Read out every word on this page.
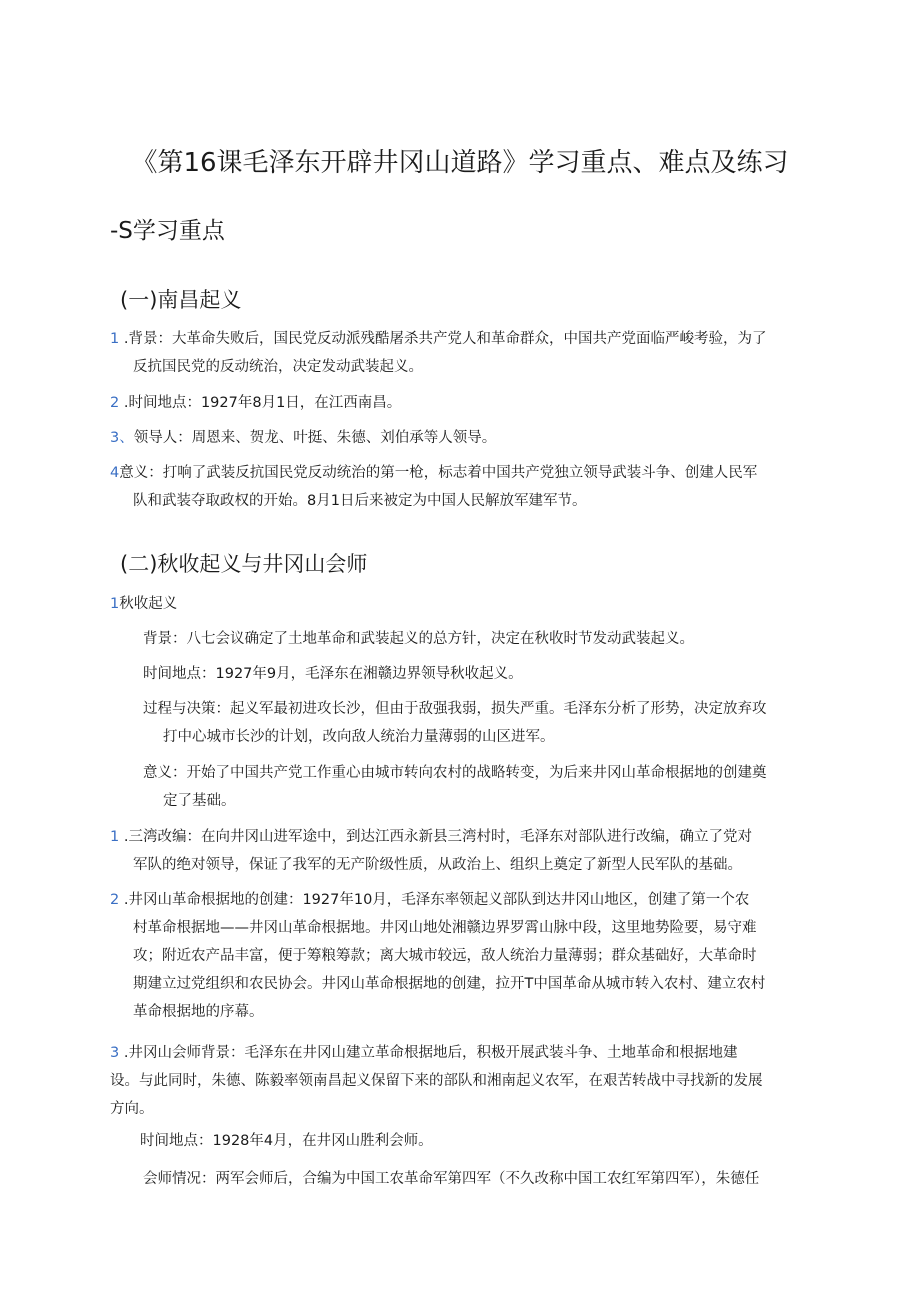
《第16课毛泽东开辟井冈山道路》学习重点、难点及练习
-S学习重点
(一)南昌起义
1 .背景：大革命失败后，国民党反动派残酷屠杀共产党人和革命群众，中国共产党面临严峻考验，为了
反抗国民党的反动统治，决定发动武装起义。
2 .时间地点：1927年8月1日，在江西南昌。
3、领导人：周恩来、贺龙、叶挺、朱德、刘伯承等人领导。
4意义：打响了武装反抗国民党反动统治的第一枪，标志着中国共产党独立领导武装斗争、创建人民军
队和武装夺取政权的开始。8月1日后来被定为中国人民解放军建军节。
(二)秋收起义与井冈山会师
1秋收起义
背景：八七会议确定了土地革命和武装起义的总方针，决定在秋收时节发动武装起义。
时间地点：1927年9月，毛泽东在湘赣边界领导秋收起义。
过程与决策：起义军最初进攻长沙，但由于敌强我弱，损失严重。毛泽东分析了形势，决定放弃攻
打中心城市长沙的计划，改向敌人统治力量薄弱的山区进军。
意义：开始了中国共产党工作重心由城市转向农村的战略转变，为后来井冈山革命根据地的创建奠
定了基础。
1 .三湾改编：在向井冈山进军途中，到达江西永新县三湾村时，毛泽东对部队进行改编，确立了党对
军队的绝对领导，保证了我军的无产阶级性质，从政治上、组织上奠定了新型人民军队的基础。
2 .井冈山革命根据地的创建：1927年10月，毛泽东率领起义部队到达井冈山地区，创建了第一个农
村革命根据地——井冈山革命根据地。井冈山地处湘赣边界罗霄山脉中段，这里地势险要，易守难
攻；附近农产品丰富，便于筹粮筹款；离大城市较远，敌人统治力量薄弱；群众基础好，大革命时
期建立过党组织和农民协会。井冈山革命根据地的创建，拉开T中国革命从城市转入农村、建立农村
革命根据地的序幕。
3 .井冈山会师背景：毛泽东在井冈山建立革命根据地后，积极开展武装斗争、土地革命和根据地建
设。与此同时，朱德、陈毅率领南昌起义保留下来的部队和湘南起义农军，在艰苦转战中寻找新的发展
方向。
时间地点：1928年4月，在井冈山胜利会师。
会师情况：两军会师后，合编为中国工农革命军第四军（不久改称中国工农红军第四军），朱德任
